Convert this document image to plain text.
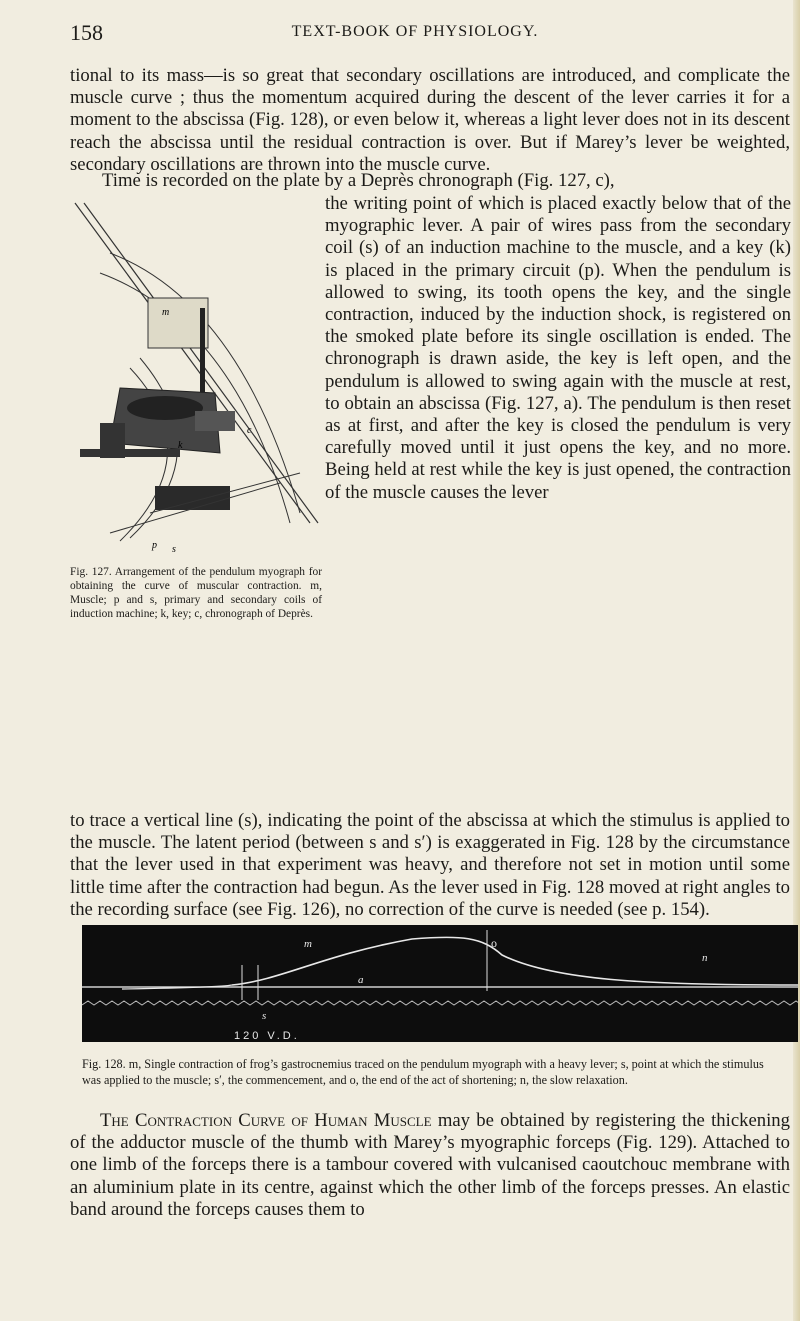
158	TEXT-BOOK OF PHYSIOLOGY.

tional to its mass—is so great that secondary oscillations are introduced, and complicate the muscle curve ; thus the momentum acquired during the descent of the lever carries it for a moment to the abscissa (Fig. 128), or even below it, whereas a light lever does not in its descent reach the abscissa until the residual contraction is over. But if Marey’s lever be weighted, secondary oscillations are thrown into the muscle curve.

Time is recorded on the plate by a Deprès chronograph (Fig. 127, c),

m
c
k
p s

the writing point of which is placed exactly below that of the myographic lever. A pair of wires pass from the secondary coil (s) of an induction machine to the muscle, and a key (k) is placed in the primary circuit (p). When the pendulum is allowed to swing, its tooth opens the key, and the single contraction, induced by the induction shock, is registered on the smoked plate before its single oscillation is ended. The chronograph is drawn aside, the key is left open, and the pendulum is allowed to swing again with the muscle at rest, to obtain an abscissa (Fig. 127, a). The pendulum is then reset as at first, and after the key is closed the pendulum is very carefully moved until it just opens the key, and no more. Being held at rest while the key is just opened, the contraction of the muscle causes the lever

Fig. 127. Arrangement of the pendulum myograph for obtaining the curve of muscular contraction. m, Muscle; p and s, primary and secondary coils of induction machine; k, key; c, chronograph of Deprès.

to trace a vertical line (s), indicating the point of the abscissa at which the stimulus is applied to the muscle. The latent period (between s and s′) is exaggerated in Fig. 128 by the circumstance that the lever used in that experiment was heavy, and therefore not set in motion until some little time after the contraction had begun. As the lever used in Fig. 128 moved at right angles to the recording surface (see Fig. 126), no correction of the curve is needed (see p. 154).

m	o
n
a
s
120 V.D.

Fig. 128. m, Single contraction of frog’s gastrocnemius traced on the pendulum myograph with a heavy lever; s, point at which the stimulus was applied to the muscle; s′, the commencement, and o, the end of the act of shortening; n, the slow relaxation.

The Contraction Curve of Human Muscle may be obtained by registering the thickening of the adductor muscle of the thumb with Marey’s myographic forceps (Fig. 129). Attached to one limb of the forceps there is a tambour covered with vulcanised caoutchouc membrane with an aluminium plate in its centre, against which the other limb of the forceps presses. An elastic band around the forceps causes them to
